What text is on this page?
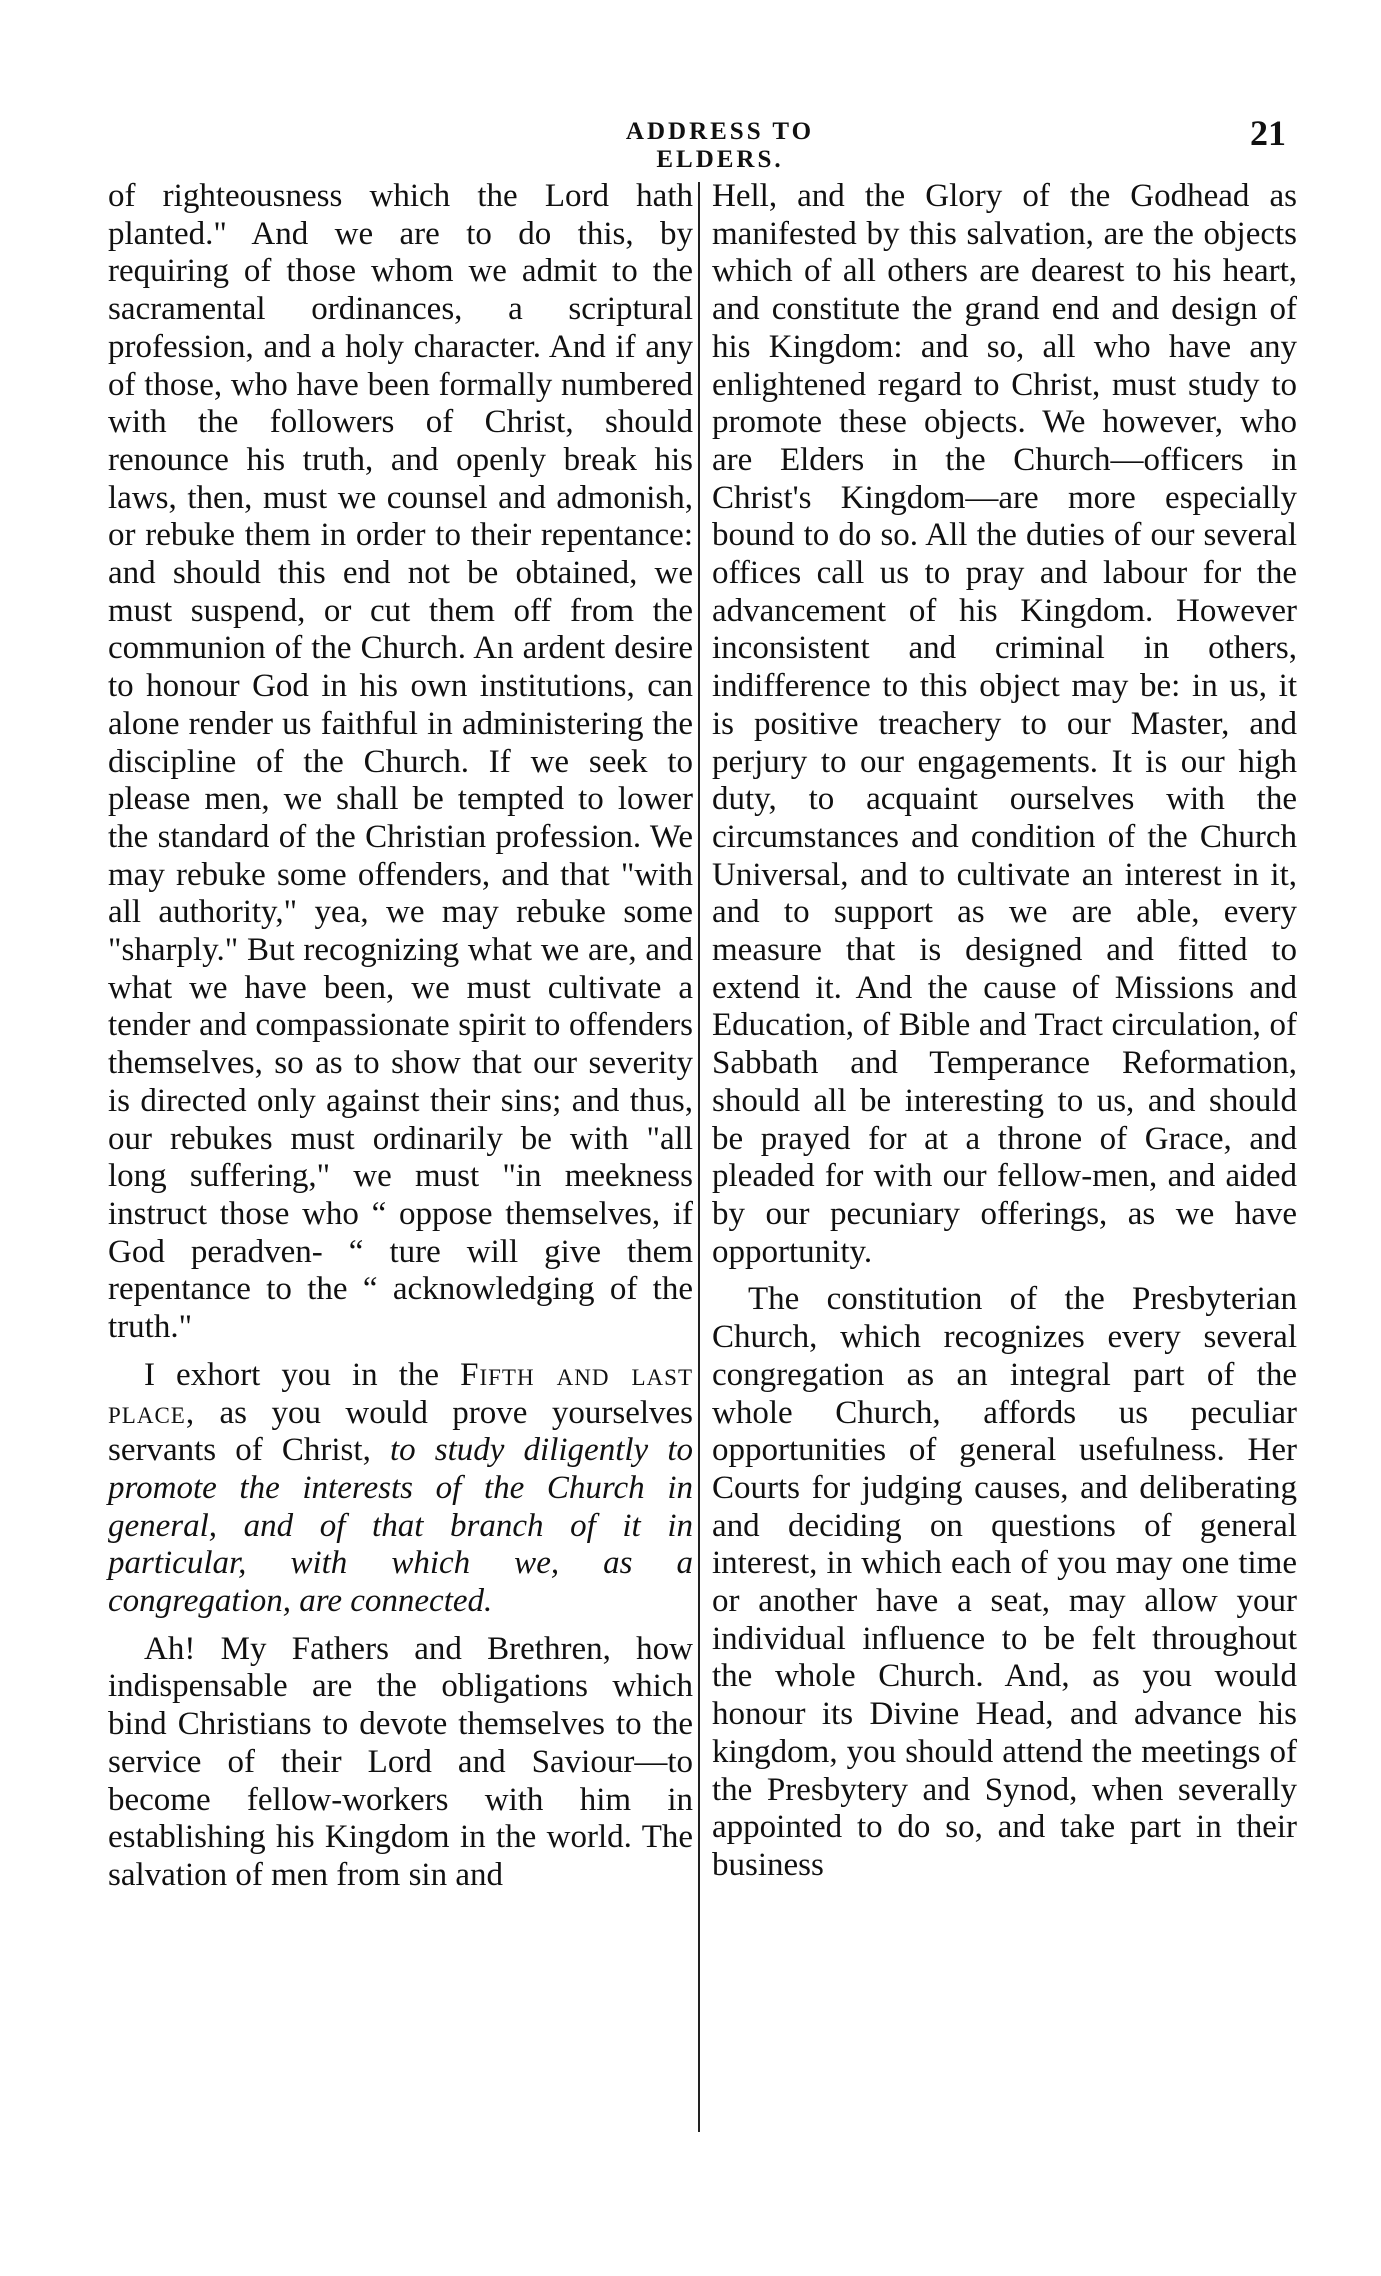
ADDRESS TO ELDERS.
21

of righteousness which the Lord hath planted." And we are to do this, by requiring of those whom we admit to the sacramental ordinances, a scriptural profession, and a holy character. And if any of those, who have been formally numbered with the followers of Christ, should renounce his truth, and openly break his laws, then, must we counsel and admonish, or rebuke them in order to their repentance: and should this end not be obtained, we must suspend, or cut them off from the communion of the Church. An ardent desire to honour God in his own institutions, can alone render us faithful in administering the discipline of the Church. If we seek to please men, we shall be tempted to lower the standard of the Christian profession. We may rebuke some offenders, and that "with all authority," yea, we may rebuke some "sharply." But recognizing what we are, and what we have been, we must cultivate a tender and compassionate spirit to offenders themselves, so as to show that our severity is directed only against their sins; and thus, our rebukes must ordinarily be with "all long suffering," we must "in meekness instruct those who “ oppose themselves, if God peradven- “ ture will give them repentance to the “ acknowledging of the truth."

I exhort you in the Fifth and last place, as you would prove yourselves servants of Christ, to study diligently to promote the interests of the Church in general, and of that branch of it in particular, with which we, as a congregation, are connected.

Ah! My Fathers and Brethren, how indispensable are the obligations which bind Christians to devote themselves to the service of their Lord and Saviour—to become fellow-workers with him in establishing his Kingdom in the world. The salvation of men from sin and

Hell, and the Glory of the Godhead as manifested by this salvation, are the objects which of all others are dearest to his heart, and constitute the grand end and design of his Kingdom: and so, all who have any enlightened regard to Christ, must study to promote these objects. We however, who are Elders in the Church—officers in Christ's Kingdom—are more especially bound to do so. All the duties of our several offices call us to pray and labour for the advancement of his Kingdom. However inconsistent and criminal in others, indifference to this object may be: in us, it is positive treachery to our Master, and perjury to our engagements. It is our high duty, to acquaint ourselves with the circumstances and condition of the Church Universal, and to cultivate an interest in it, and to support as we are able, every measure that is designed and fitted to extend it. And the cause of Missions and Education, of Bible and Tract circulation, of Sabbath and Temperance Reformation, should all be interesting to us, and should be prayed for at a throne of Grace, and pleaded for with our fellow-men, and aided by our pecuniary offerings, as we have opportunity.

The constitution of the Presbyterian Church, which recognizes every several congregation as an integral part of the whole Church, affords us peculiar opportunities of general usefulness. Her Courts for judging causes, and deliberating and deciding on questions of general interest, in which each of you may one time or another have a seat, may allow your individual influence to be felt throughout the whole Church. And, as you would honour its Divine Head, and advance his kingdom, you should attend the meetings of the Presbytery and Synod, when severally appointed to do so, and take part in their business
